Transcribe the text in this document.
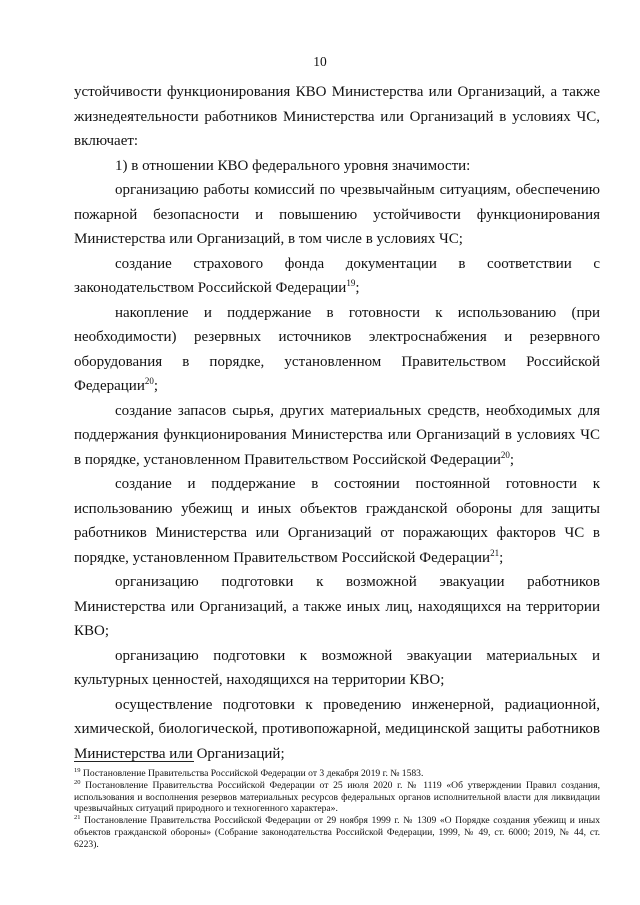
10

устойчивости функционирования КВО Министерства или Организаций, а также жизнедеятельности работников Министерства или Организаций в условиях ЧС, включает:

1) в отношении КВО федерального уровня значимости:

организацию работы комиссий по чрезвычайным ситуациям, обеспечению пожарной безопасности и повышению устойчивости функционирования Министерства или Организаций, в том числе в условиях ЧС;

создание страхового фонда документации в соответствии с законодательством Российской Федерации$^{19}$;

накопление и поддержание в готовности к использованию (при необходимости) резервных источников электроснабжения и резервного оборудования в порядке, установленном Правительством Российской Федерации$^{20}$;

создание запасов сырья, других материальных средств, необходимых для поддержания функционирования Министерства или Организаций в условиях ЧС в порядке, установленном Правительством Российской Федерации$^{20}$;

создание и поддержание в состоянии постоянной готовности к использованию убежищ и иных объектов гражданской обороны для защиты работников Министерства или Организаций от поражающих факторов ЧС в порядке, установленном Правительством Российской Федерации$^{21}$;

организацию подготовки к возможной эвакуации работников Министерства или Организаций, а также иных лиц, находящихся на территории КВО;

организацию подготовки к возможной эвакуации материальных и культурных ценностей, находящихся на территории КВО;

осуществление подготовки к проведению инженерной, радиационной, химической, биологической, противопожарной, медицинской защиты работников Министерства или Организаций;

$^{19}$ Постановление Правительства Российской Федерации от 3 декабря 2019 г. № 1583.

$^{20}$ Постановление Правительства Российской Федерации от 25 июля 2020 г. № 1119 «Об утверждении Правил создания, использования и восполнения резервов материальных ресурсов федеральных органов исполнительной власти для ликвидации чрезвычайных ситуаций природного и техногенного характера».

$^{21}$ Постановление Правительства Российской Федерации от 29 ноября 1999 г. № 1309 «О Порядке создания убежищ и иных объектов гражданской обороны» (Собрание законодательства Российской Федерации, 1999, № 49, ст. 6000; 2019, № 44, ст. 6223).
